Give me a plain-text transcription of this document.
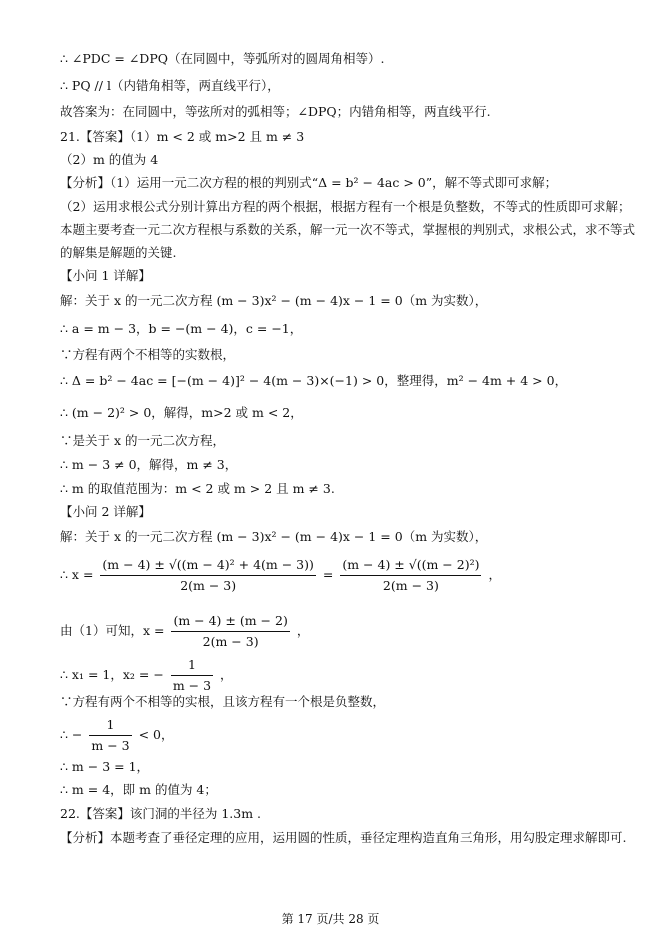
∴ ∠PDC = ∠DPQ（在同圆中，等弧所对的圆周角相等）.
∴ PQ // l（内错角相等，两直线平行），
故答案为：在同圆中，等弦所对的弧相等；∠DPQ；内错角相等，两直线平行.
21.【答案】（1）m < 2 或 m>2 且 m ≠ 3
（2）m 的值为 4
【分析】（1）运用一元二次方程的根的判别式“Δ = b² − 4ac > 0”，解不等式即可求解；
（2）运用求根公式分别计算出方程的两个根据，根据方程有一个根是负整数，不等式的性质即可求解；
本题主要考查一元二次方程根与系数的关系，解一元一次不等式，掌握根的判别式，求根公式，求不等式
的解集是解题的关键.
【小问 1 详解】
解：关于 x 的一元二次方程 (m − 3)x² − (m − 4)x − 1 = 0（m 为实数），
∴ a = m − 3，b = −(m − 4)，c = −1，
∵方程有两个不相等的实数根，
∴ Δ = b² − 4ac = [−(m − 4)]² − 4(m − 3)×(−1) > 0，整理得，m² − 4m + 4 > 0，
∴ (m − 2)² > 0，解得，m>2 或 m < 2，
∵是关于 x 的一元二次方程，
∴ m − 3 ≠ 0，解得，m ≠ 3，
∴ m 的取值范围为：m < 2 或 m > 2 且 m ≠ 3.
【小问 2 详解】
解：关于 x 的一元二次方程 (m − 3)x² − (m − 4)x − 1 = 0（m 为实数），
∴ $x = \frac{\text{(m − 4) ± √((m − 4)² + 4(m − 3))}}{2(m - 3)} = \frac{\text{(m − 4) ± √((m − 2)²)}}{2(m - 3)}$ ，
由（1）可知，$x = \frac{(m - 4) \pm (m - 2)}{2(m - 3)}$ ，
∴ x₁ = 1，x₂ = − $\frac{1}{m - 3}$ ，
∵方程有两个不相等的实根，且该方程有一个根是负整数，
∴ − $\frac{1}{m - 3} < 0$，
∴ m − 3 = 1，
∴ m = 4，即 m 的值为 4；
22.【答案】该门洞的半径为 1.3m .
【分析】本题考查了垂径定理的应用，运用圆的性质，垂径定理构造直角三角形，用勾股定理求解即可.
第 17 页/共 28 页
